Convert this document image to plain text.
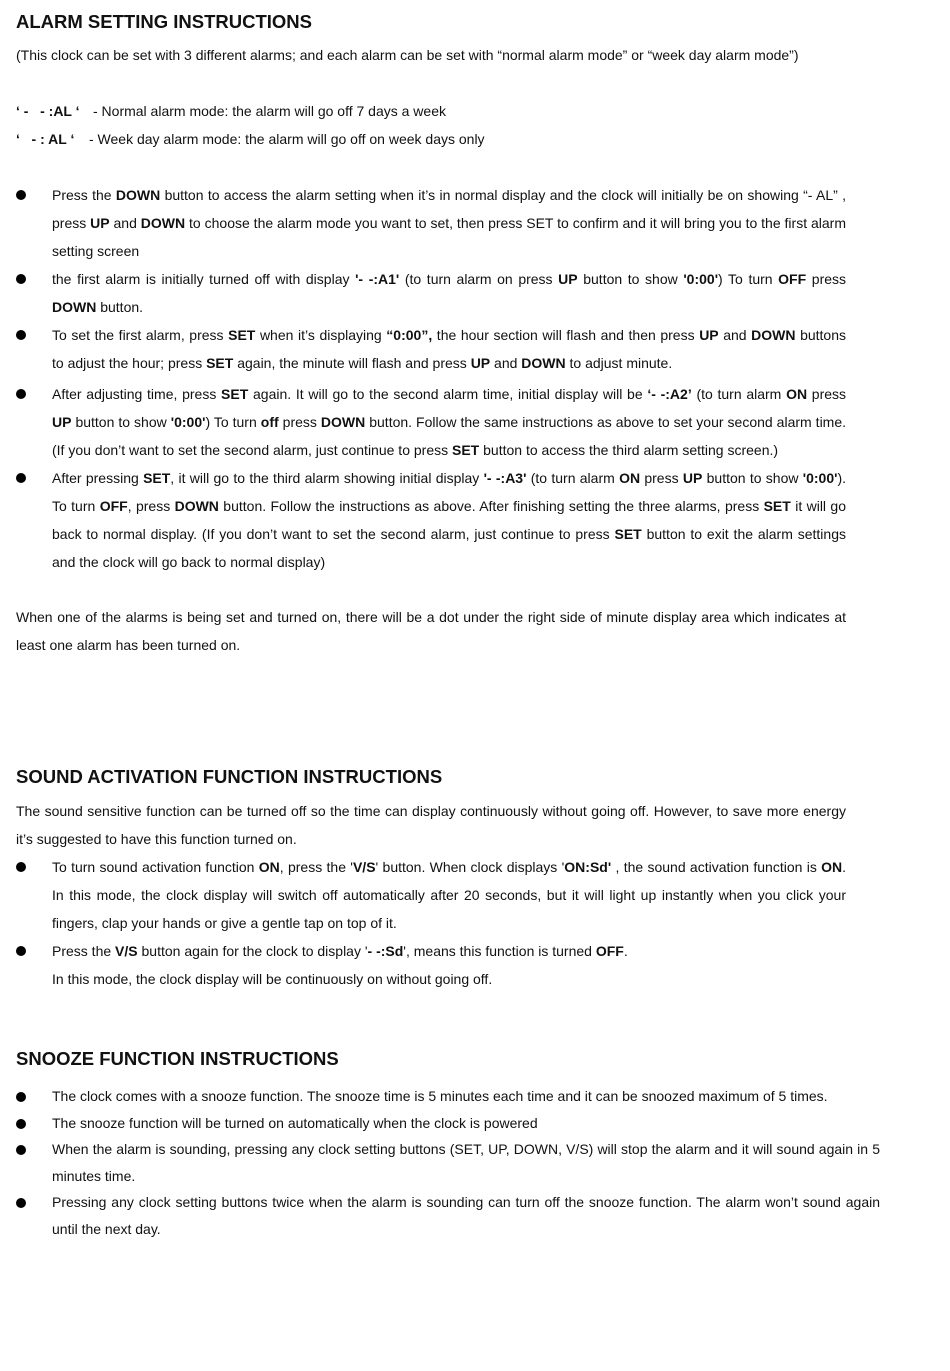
ALARM SETTING INSTRUCTIONS

(This clock can be set with 3 different alarms; and each alarm can be set with “normal alarm mode” or “week day alarm mode”)

‘ -   - :AL ‘ - Normal alarm mode: the alarm will go off 7 days a week
‘   - : AL ‘ - Week day alarm mode: the alarm will go off on week days only
Press the DOWN button to access the alarm setting when it’s in normal display and the clock will initially be on showing “- AL” , press UP and DOWN to choose the alarm mode you want to set, then press SET to confirm and it will bring you to the first alarm setting screen
the first alarm is initially turned off with display '- -:A1' (to turn alarm on press UP button to show '0:00') To turn OFF press DOWN button.
To set the first alarm, press SET when it’s displaying “0:00”, the hour section will flash and then press UP and DOWN buttons to adjust the hour; press SET again, the minute will flash and press UP and DOWN to adjust minute.
After adjusting time, press SET again. It will go to the second alarm time, initial display will be ‘- -:A2’ (to turn alarm ON press UP button to show '0:00') To turn off press DOWN button. Follow the same instructions as above to set your second alarm time. (If you don’t want to set the second alarm, just continue to press SET button to access the third alarm setting screen.)
After pressing SET, it will go to the third alarm showing initial display '- -:A3' (to turn alarm ON press UP button to show '0:00'). To turn OFF, press DOWN button. Follow the instructions as above. After finishing setting the three alarms, press SET it will go back to normal display. (If you don’t want to set the second alarm, just continue to press SET button to exit the alarm settings and the clock will go back to normal display)

When one of the alarms is being set and turned on, there will be a dot under the right side of minute display area which indicates at least one alarm has been turned on.

SOUND ACTIVATION FUNCTION INSTRUCTIONS

The sound sensitive function can be turned off so the time can display continuously without going off. However, to save more energy it’s suggested to have this function turned on.

To turn sound activation function ON, press the 'V/S' button. When clock displays 'ON:Sd' , the sound activation function is ON. In this mode, the clock display will switch off automatically after 20 seconds, but it will light up instantly when you click your fingers, clap your hands or give a gentle tap on top of it.
Press the V/S button again for the clock to display '- -:Sd', means this function is turned OFF.
In this mode, the clock display will be continuously on without going off.
SNOOZE FUNCTION INSTRUCTIONS
The clock comes with a snooze function. The snooze time is 5 minutes each time and it can be snoozed maximum of 5 times.
The snooze function will be turned on automatically when the clock is powered
When the alarm is sounding, pressing any clock setting buttons (SET, UP, DOWN, V/S) will stop the alarm and it will sound again in 5 minutes time.
Pressing any clock setting buttons twice when the alarm is sounding can turn off the snooze function. The alarm won’t sound again until the next day.
